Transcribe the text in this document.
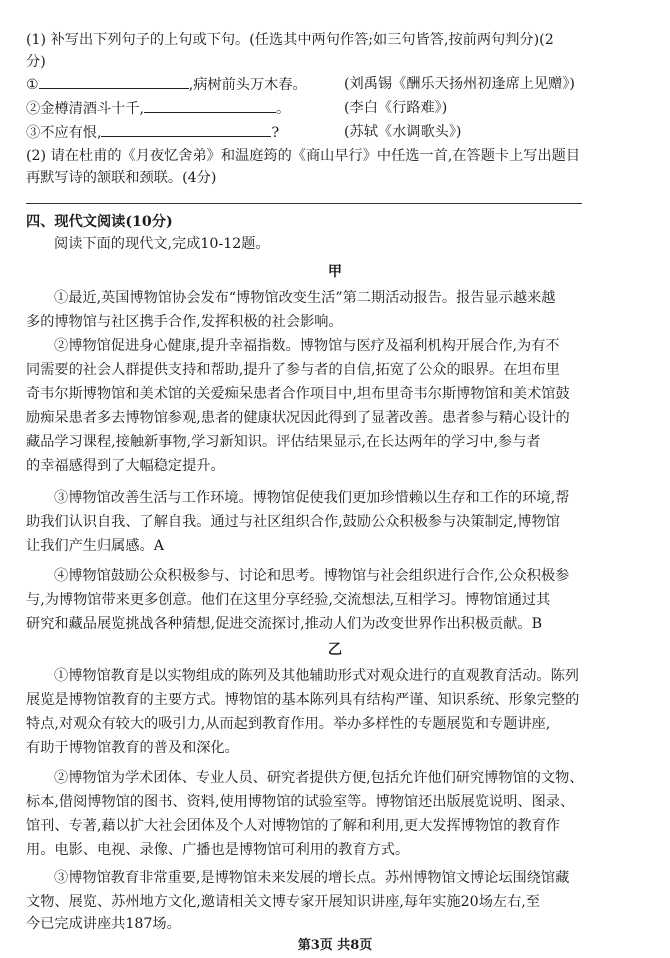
(1) 补写出下列句子的上句或下句。(任选其中两句作答;如三句皆答,按前两句判分)(2
分)
①	,病树前头万木春。	(刘禹锡《酬乐天扬州初逢席上见赠》)
②金樽清酒斗十千,	。	(李白《行路难》)
③不应有恨,	?	(苏轼《水调歌头》)
(2) 请在杜甫的《月夜忆舍弟》和温庭筠的《商山早行》中任选一首,在答题卡上写出题目
再默写诗的颔联和颈联。(4分)
四、现代文阅读(10分)
阅读下面的现代文,完成10-12题。
甲
①最近,英国博物馆协会发布“博物馆改变生活”第二期活动报告。报告显示越来越
多的博物馆与社区携手合作,发挥积极的社会影响。
②博物馆促进身心健康,提升幸福指数。博物馆与医疗及福利机构开展合作,为有不
同需要的社会人群提供支持和帮助,提升了参与者的自信,拓宽了公众的眼界。在坦布里
奇韦尔斯博物馆和美术馆的关爱痴呆患者合作项目中,坦布里奇韦尔斯博物馆和美术馆鼓
励痴呆患者多去博物馆参观,患者的健康状况因此得到了显著改善。患者参与精心设计的
藏品学习课程,接触新事物,学习新知识。评估结果显示,在长达两年的学习中,参与者
的幸福感得到了大幅稳定提升。
③博物馆改善生活与工作环境。博物馆促使我们更加珍惜赖以生存和工作的环境,帮
助我们认识自我、了解自我。通过与社区组织合作,鼓励公众积极参与决策制定,博物馆
让我们产生归属感。A
④博物馆鼓励公众积极参与、讨论和思考。博物馆与社会组织进行合作,公众积极参
与,为博物馆带来更多创意。他们在这里分享经验,交流想法,互相学习。博物馆通过其
研究和藏品展览挑战各种猜想,促进交流探讨,推动人们为改变世界作出积极贡献。B
乙
①博物馆教育是以实物组成的陈列及其他辅助形式对观众进行的直观教育活动。陈列
展览是博物馆教育的主要方式。博物馆的基本陈列具有结构严谨、知识系统、形象完整的
特点,对观众有较大的吸引力,从而起到教育作用。举办多样性的专题展览和专题讲座,
有助于博物馆教育的普及和深化。
②博物馆为学术团体、专业人员、研究者提供方便,包括允许他们研究博物馆的文物、
标本,借阅博物馆的图书、资料,使用博物馆的试验室等。博物馆还出版展览说明、图录、
馆刊、专著,藉以扩大社会团体及个人对博物馆的了解和利用,更大发挥博物馆的教育作
用。电影、电视、录像、广播也是博物馆可利用的教育方式。
③博物馆教育非常重要,是博物馆未来发展的增长点。苏州博物馆文博论坛围绕馆藏
文物、展览、苏州地方文化,邀请相关文博专家开展知识讲座,每年实施20场左右,至
今已完成讲座共187场。
第3页 共8页
